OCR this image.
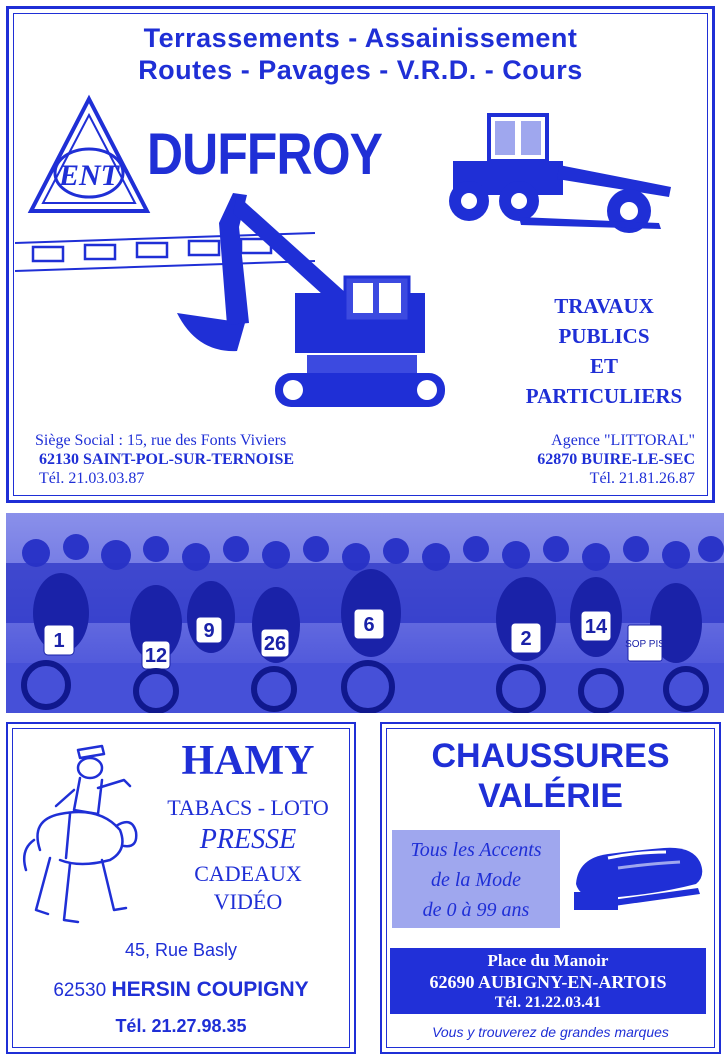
Terrassements - Assainissement
Routes - Pavages - V.R.D. - Cours
ENT DUFFROY
TRAVAUX
PUBLICS
ET
PARTICULIERS
Siège Social : 15, rue des Fonts Viviers
62130 SAINT-POL-SUR-TERNOISE
Tél. 21.03.03.87
Agence "LITTORAL"
62870 BUIRE-LE-SEC
Tél. 21.81.26.87
1
12
9
26
6
2
14
SOP PIS
HAMY
TABACS - LOTO
PRESSE
CADEAUX
VIDÉO
45, Rue Basly
62530 HERSIN COUPIGNY
Tél. 21.27.98.35
CHAUSSURES
VALÉRIE
Tous les Accents
de la Mode
de 0 à 99 ans
Place du Manoir
62690 AUBIGNY-EN-ARTOIS
Tél. 21.22.03.41
Vous y trouverez de grandes marques
